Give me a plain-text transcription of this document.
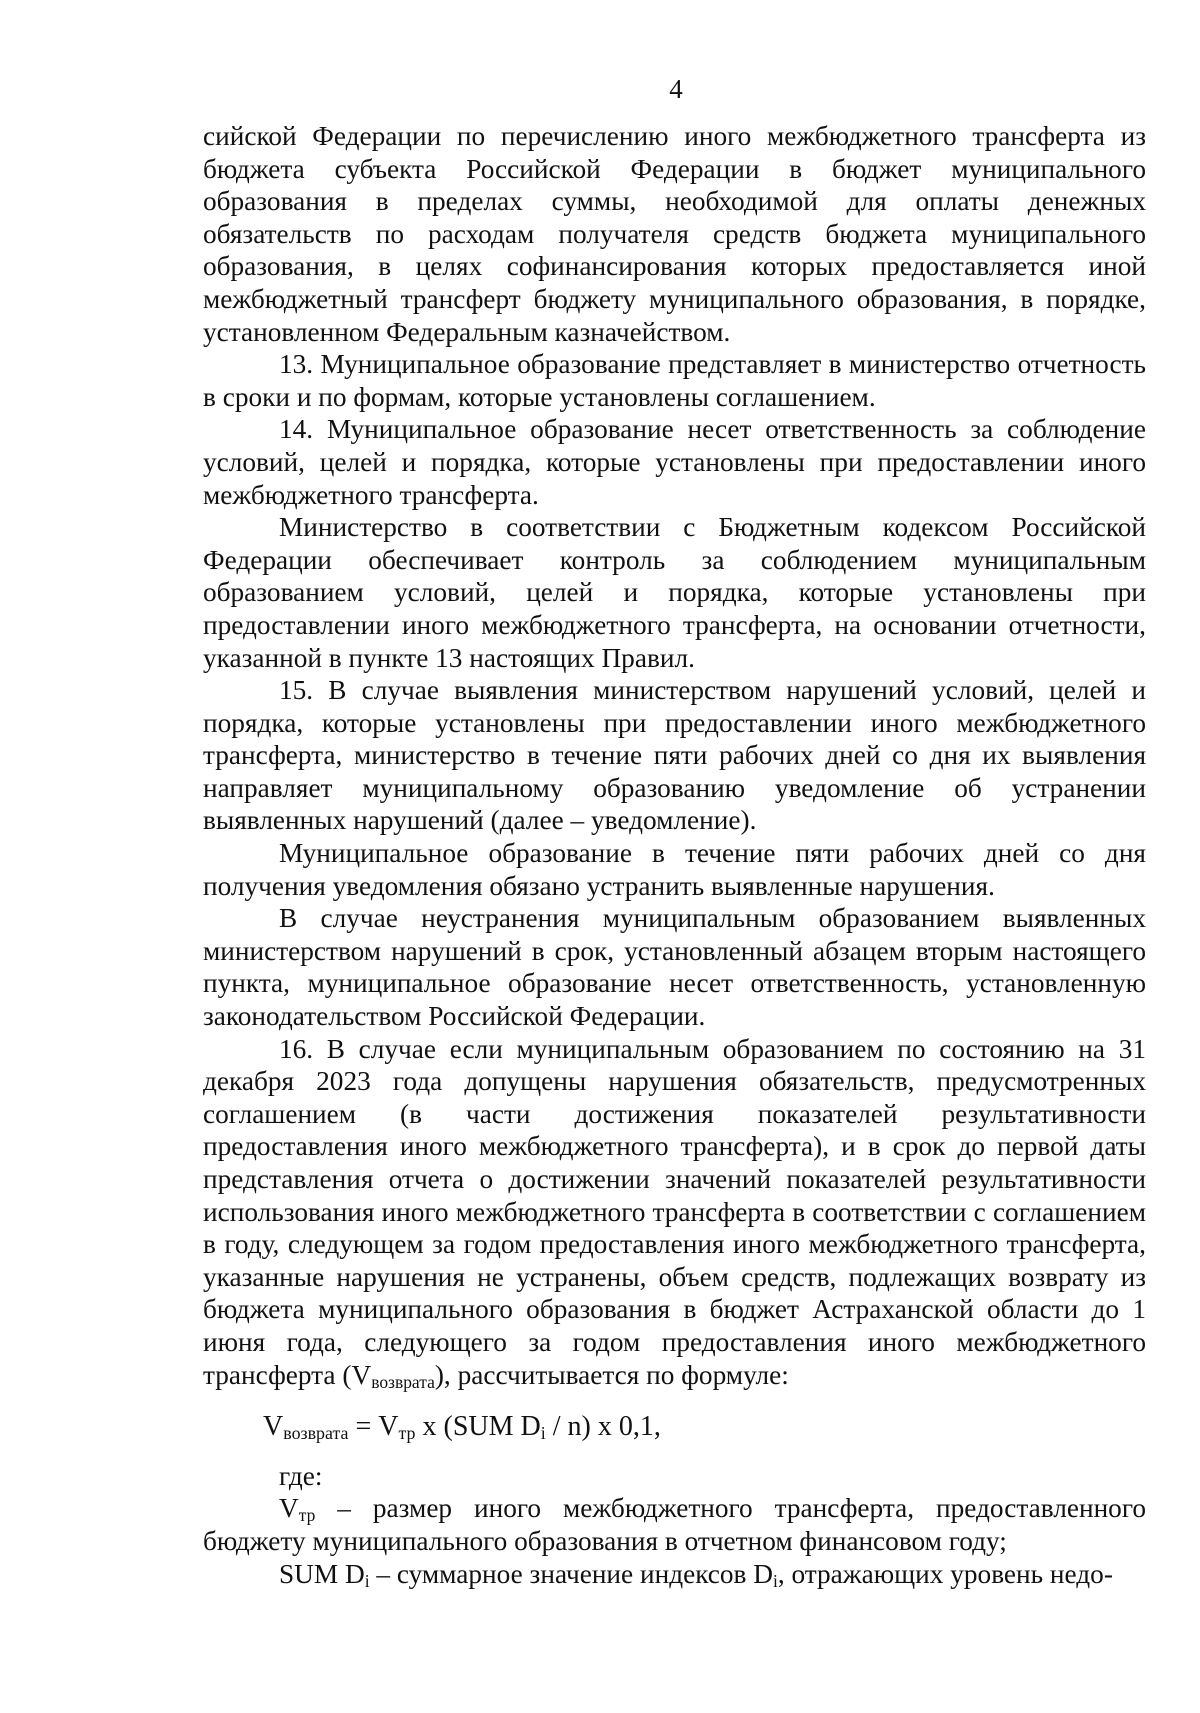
4

сийской Федерации по перечислению иного межбюджетного трансферта из бюджета субъекта Российской Федерации в бюджет муниципального образования в пределах суммы, необходимой для оплаты денежных обязательств по расходам получателя средств бюджета муниципального образования, в целях софинансирования которых предоставляется иной межбюджетный трансферт бюджету муниципального образования, в порядке, установленном Федеральным казначейством.

13. Муниципальное образование представляет в министерство отчетность в сроки и по формам, которые установлены соглашением.

14. Муниципальное образование несет ответственность за соблюдение условий, целей и порядка, которые установлены при предоставлении иного межбюджетного трансферта.

Министерство в соответствии с Бюджетным кодексом Российской Федерации обеспечивает контроль за соблюдением муниципальным образованием условий, целей и порядка, которые установлены при предоставлении иного межбюджетного трансферта, на основании отчетности, указанной в пункте 13 настоящих Правил.

15. В случае выявления министерством нарушений условий, целей и порядка, которые установлены при предоставлении иного межбюджетного трансферта, министерство в течение пяти рабочих дней со дня их выявления направляет муниципальному образованию уведомление об устранении выявленных нарушений (далее – уведомление).

Муниципальное образование в течение пяти рабочих дней со дня получения уведомления обязано устранить выявленные нарушения.

В случае неустранения муниципальным образованием выявленных министерством нарушений в срок, установленный абзацем вторым настоящего пункта, муниципальное образование несет ответственность, установленную законодательством Российской Федерации.

16. В случае если муниципальным образованием по состоянию на 31 декабря 2023 года допущены нарушения обязательств, предусмотренных соглашением (в части достижения показателей результативности предоставления иного межбюджетного трансферта), и в срок до первой даты представления отчета о достижении значений показателей результативности использования иного межбюджетного трансферта в соответствии с соглашением в году, следующем за годом предоставления иного межбюджетного трансферта, указанные нарушения не устранены, объем средств, подлежащих возврату из бюджета муниципального образования в бюджет Астраханской области до 1 июня года, следующего за годом предоставления иного межбюджетного трансферта $(V_{возврата})$, рассчитывается по формуле:

$V_{возврата} = V_{тр}$ x (SUM $D_i / n$) x 0,1,

где:

$V_{тр}$ – размер иного межбюджетного трансферта, предоставленного бюджету муниципального образования в отчетном финансовом году;

SUM $D_i$ – суммарное значение индексов $D_i$, отражающих уровень недо-
